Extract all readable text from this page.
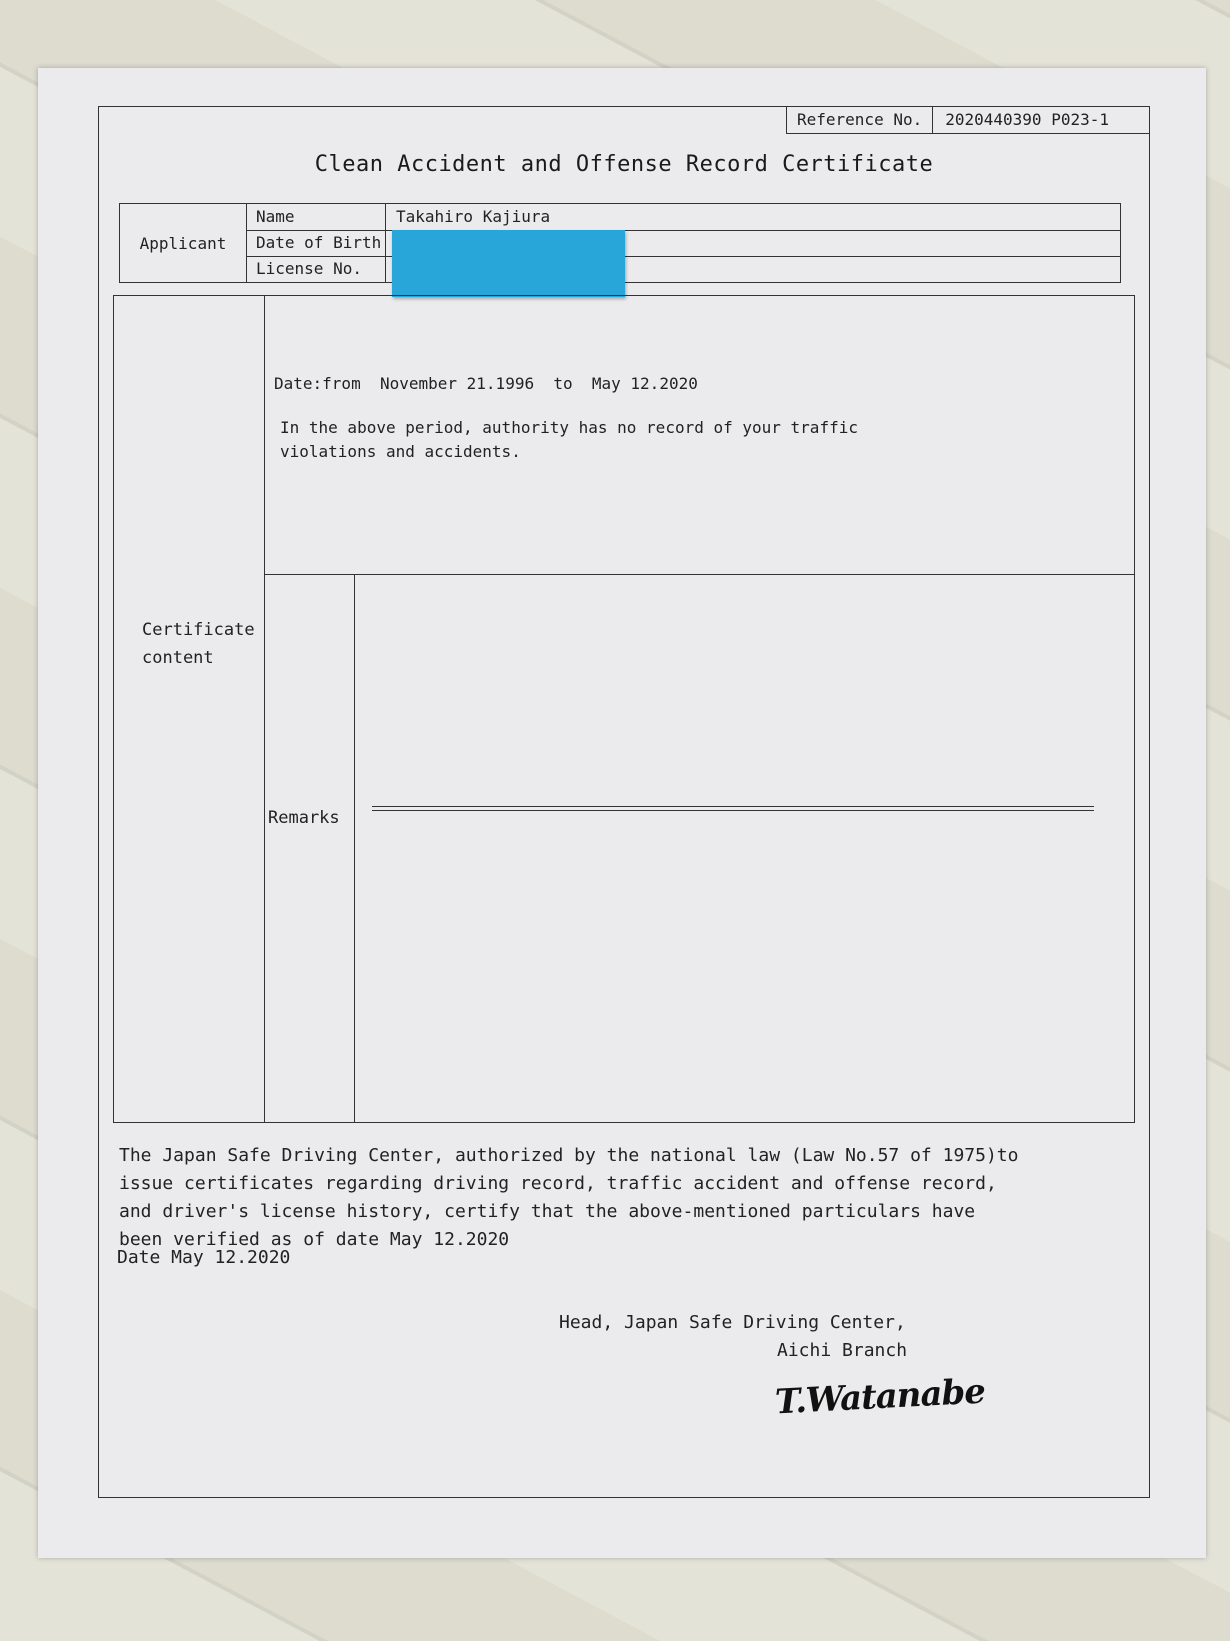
Reference No.	2020440390 P023-1
Clean Accident and Offense Record Certificate
Applicant
Name	Takahiro Kajiura
Date of Birth
License No.
Certificate
content
Date:from  November 21.1996  to  May 12.2020
In the above period, authority has no record of your traffic violations and accidents.
Remarks
The Japan Safe Driving Center, authorized by the national law (Law No.57 of 1975)to issue certificates regarding driving record, traffic accident and offense record, and driver's license history, certify that the above-mentioned particulars have been verified as of date May 12.2020
Date May 12.2020
Head, Japan Safe Driving Center,
Aichi Branch
T.Watanabe
